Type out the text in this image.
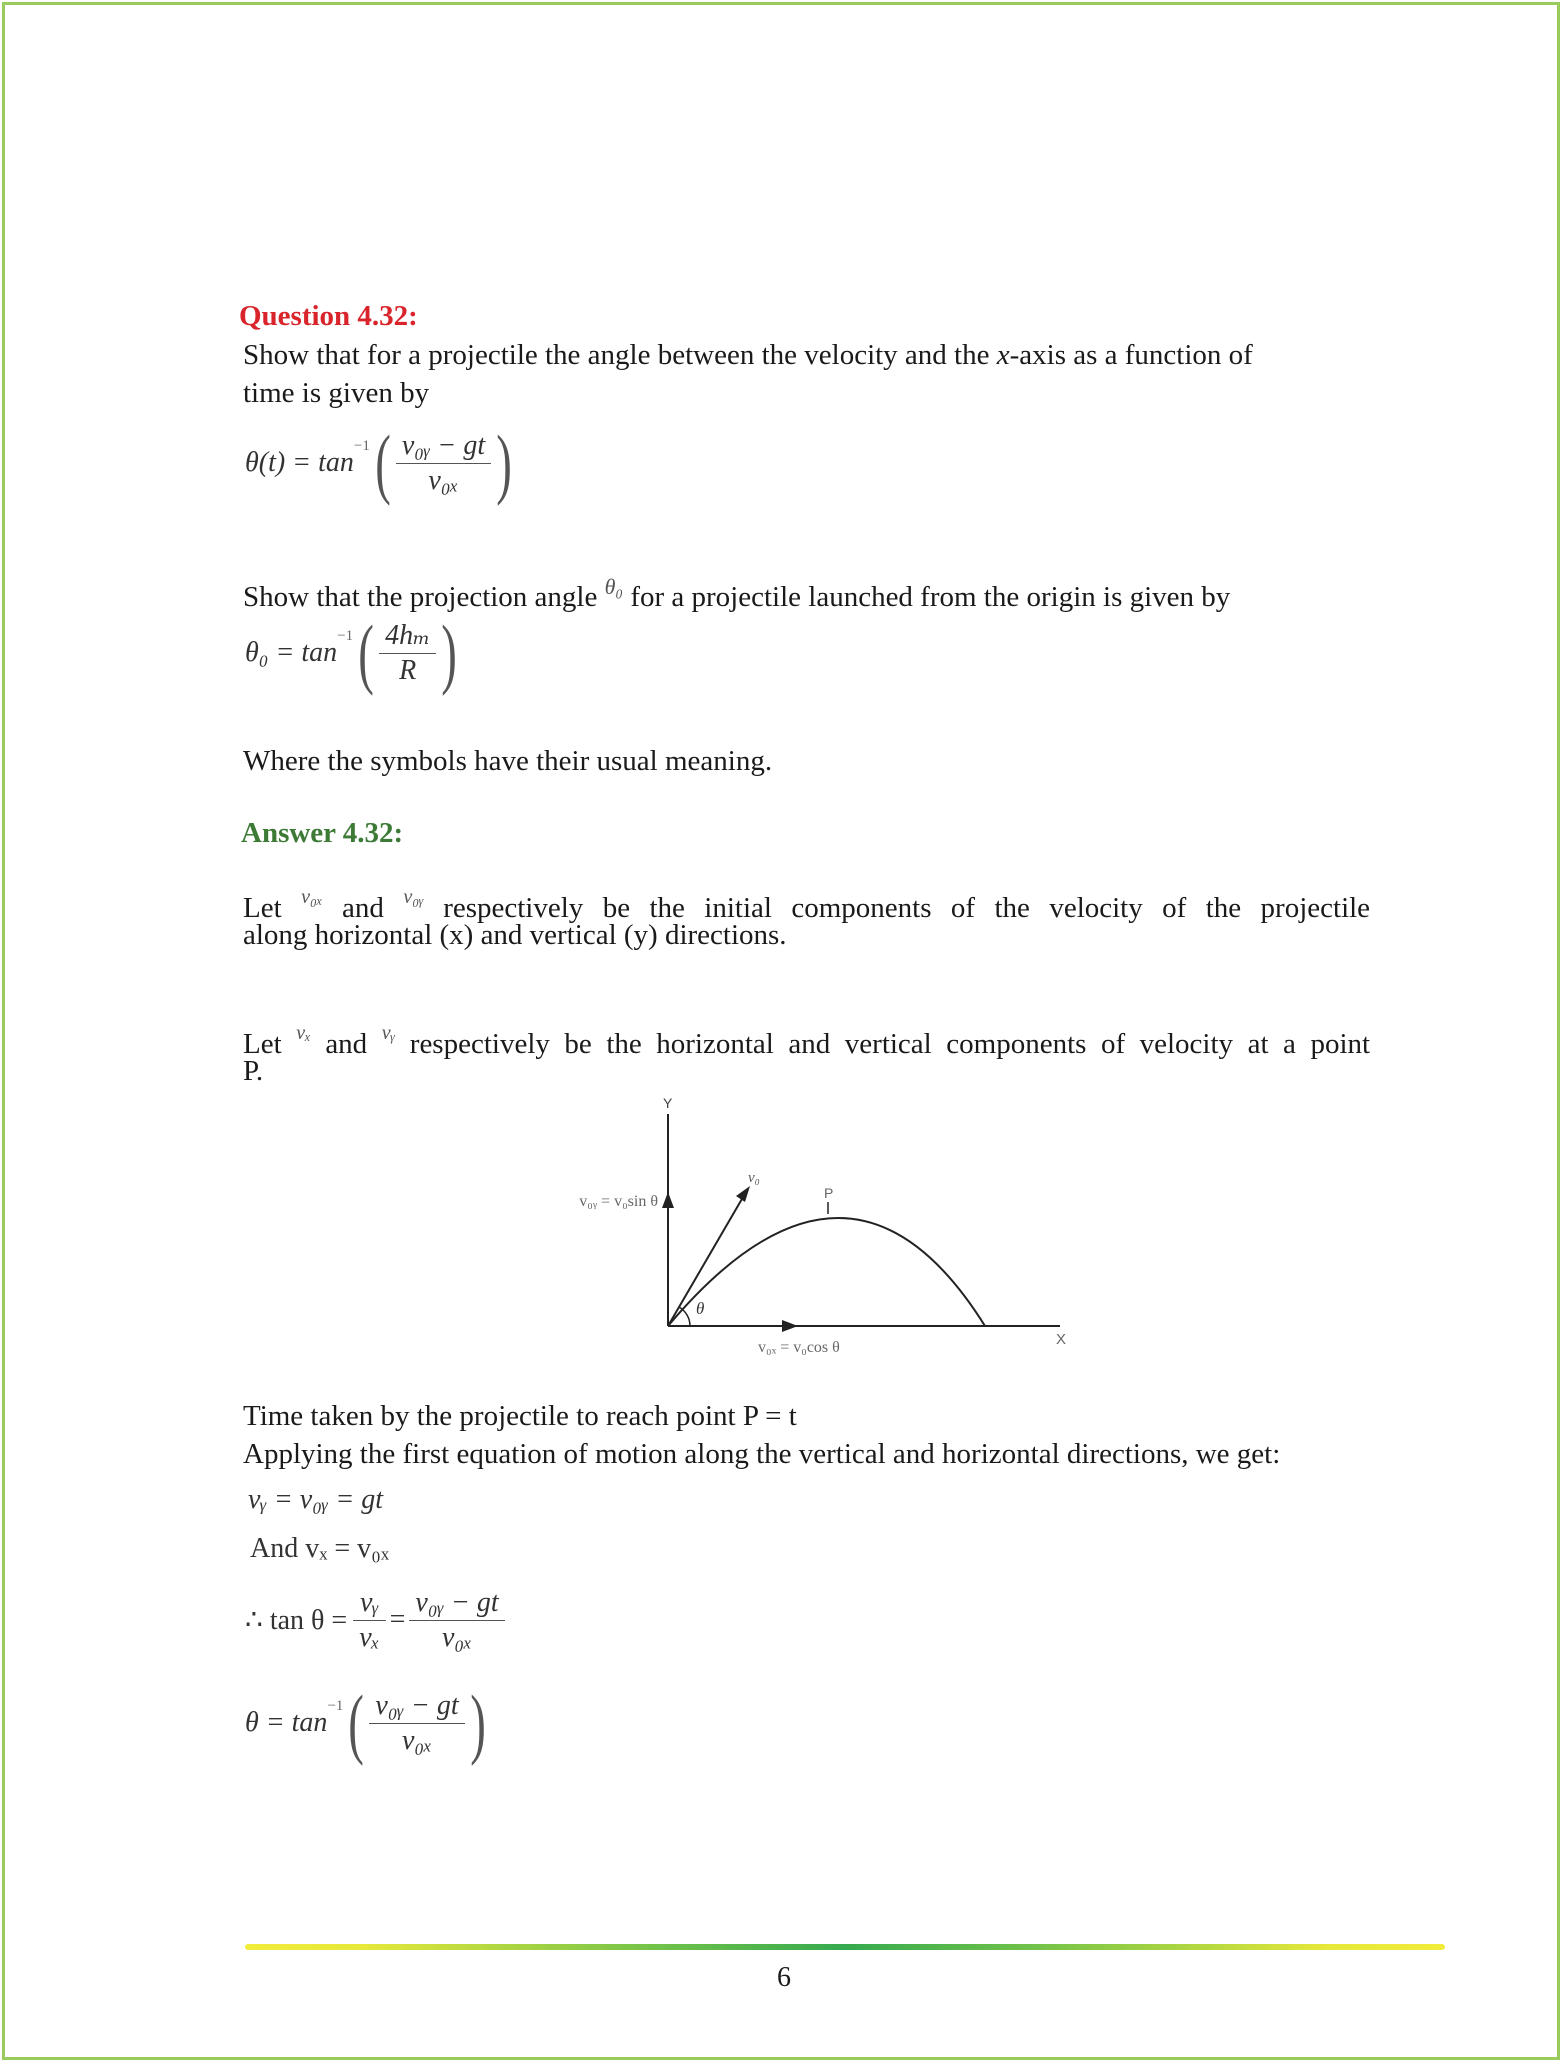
Question 4.32:
Show that for a projectile the angle between the velocity and the x-axis as a function of
time is given by
θ(t) = tan
−1 ( $\frac{\text{v₀ᵧ − gt}}{\text{v₀ₓ}}$ )
Show that the projection angle $^{\theta_0}$ for a projectile launched from the origin is given by
θ₀ = tan
−1 ( $\frac{\text{4hₘ}}{R}$ )
Where the symbols have their usual meaning.
Answer 4.32:
Let $^{v_{0x}}$ and $^{v_0ᵧ}$ respectively be the initial components of the velocity of the projectile
along horizontal (x) and vertical (y) directions.
Let $^{v_x}$ and $^{vᵧ}$ respectively be the horizontal and vertical components of velocity at a point
P.
Y
X
v₀
P
θ
v₀ᵧ = v₀sin θ
v₀ₓ = v₀cos θ
Time taken by the projectile to reach point P = t
Applying the first equation of motion along the vertical and horizontal directions, we get:
vᵧ = v₀ᵧ = gt
And vₓ = v₀ₓ
∴ $\tan \theta = \frac{\text{vᵧ}}{\text{vₓ}} = \frac{\text{v₀ᵧ − gt}}{\text{v₀ₓ}}$
θ = tan
−1 ( $\frac{\text{v₀ᵧ − gt}}{\text{v₀ₓ}}$ )
6
